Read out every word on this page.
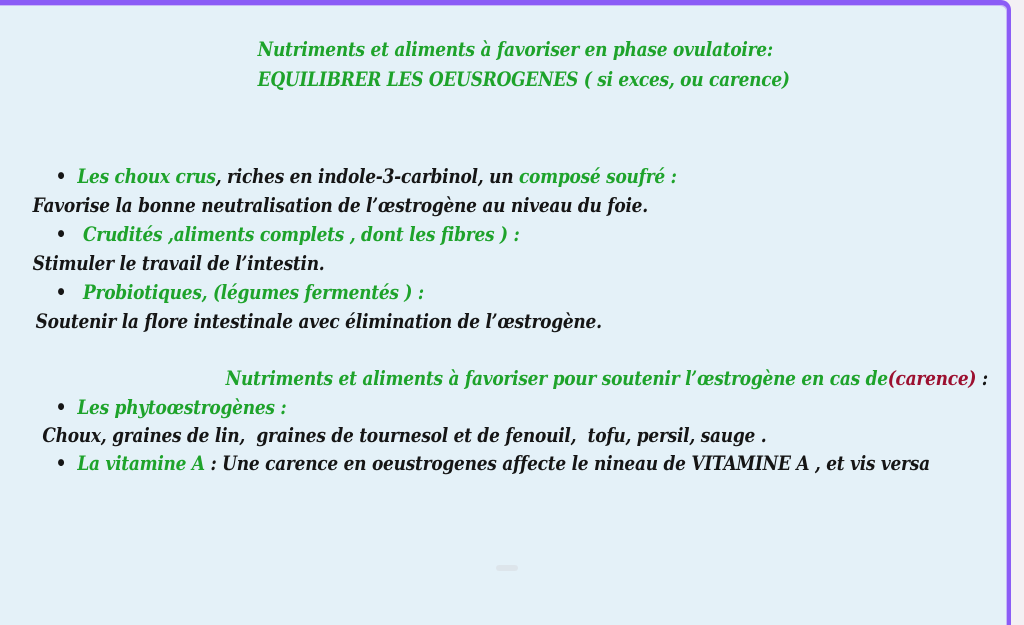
Nutriments et aliments à favoriser en phase ovulatoire:

EQUILIBRER LES OEUSROGENES ( si exces, ou carence)

• Les choux crus, riches en indole-3-carbinol, un composé soufré :

Favorise la bonne neutralisation de l’œstrogène au niveau du foie.

• Crudités ,aliments complets , dont les fibres ) :

Stimuler le travail de l’intestin.

• Probiotiques, (légumes fermentés ) :

Soutenir la flore intestinale avec élimination de l’œstrogène.

Nutriments et aliments à favoriser pour soutenir l’œstrogène en cas de(carence) :

• Les phytoœstrogènes :

Choux, graines de lin,  graines de tournesol et de fenouil,  tofu, persil, sauge .

• La vitamine A : Une carence en oeustrogenes affecte le nineau de VITAMINE A , et vis versa
